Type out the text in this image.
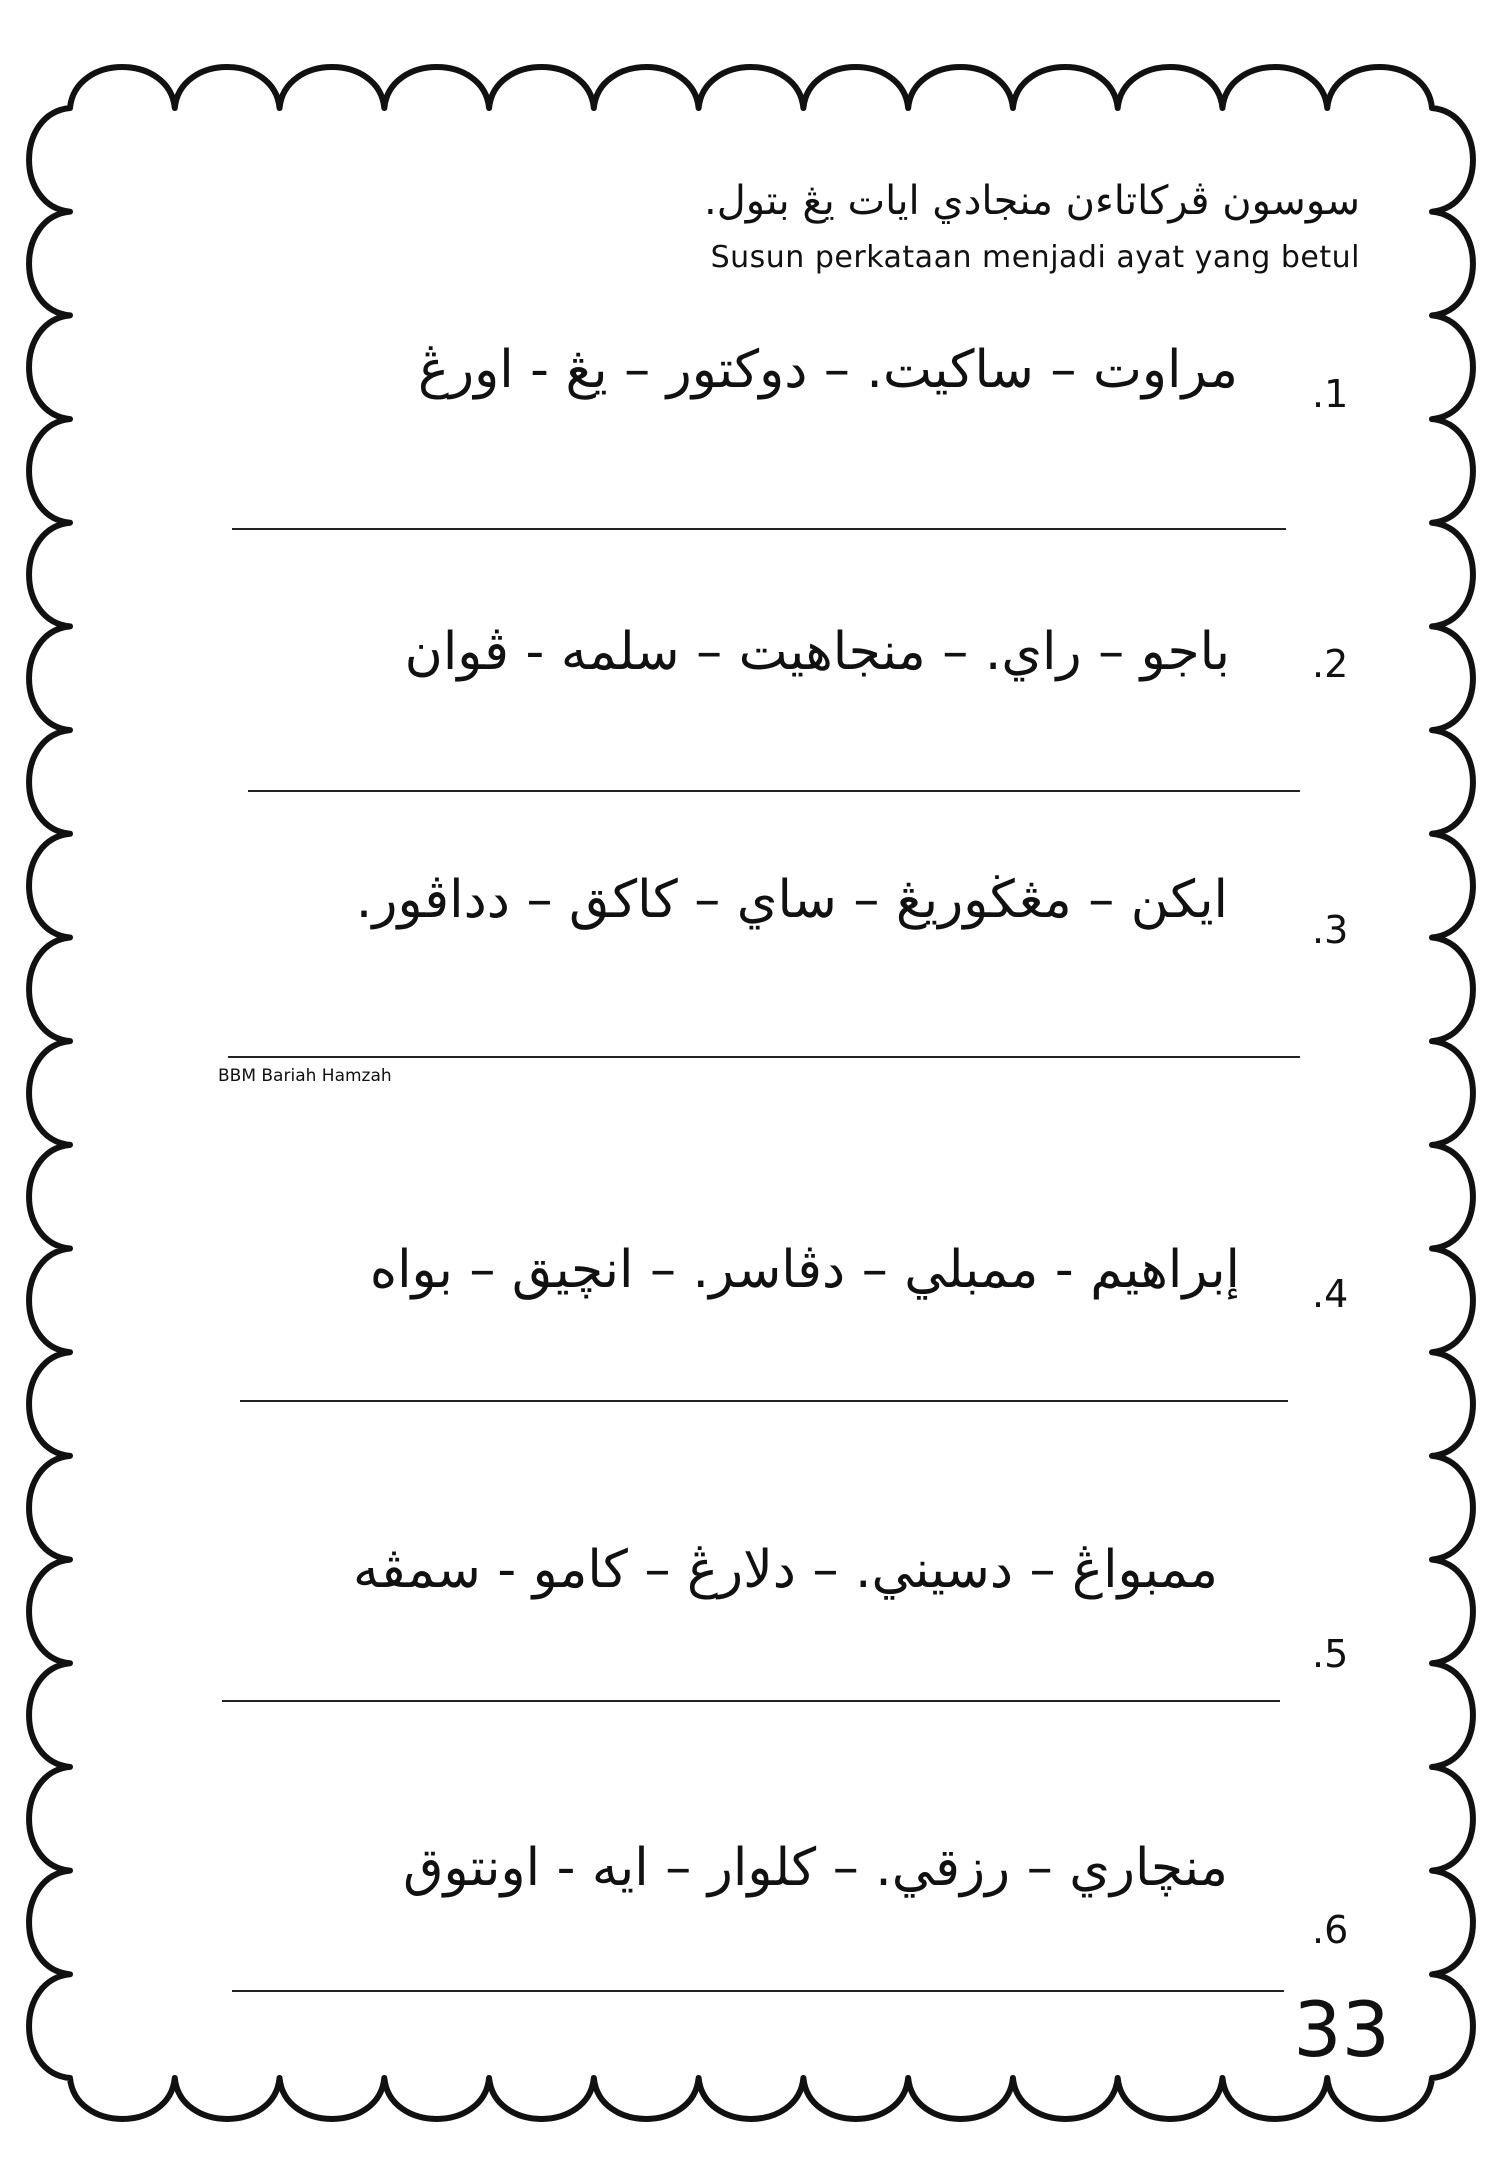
سوسون ڤركاتاءن منجادي ايات يڠ بتول.
Susun perkataan menjadi ayat yang betul
مراوت – ساكيت. – دوكتور – يڠ - اورڠ .1
باجو – راي. – منجاهيت – سلمه - ڤوان .2
ايكن – مڠڬوريڠ – ساي – كاكق – دداڤور. .3
BBM Bariah Hamzah
إبراهيم - ممبلي – دڤاسر. – انچيق – بواه .4
ممبواڠ – دسيني. – دلارڠ – كامو - سمڤه
.5
منچاري – رزقي. – كلوار – ايه - اونتوق
.6
33
